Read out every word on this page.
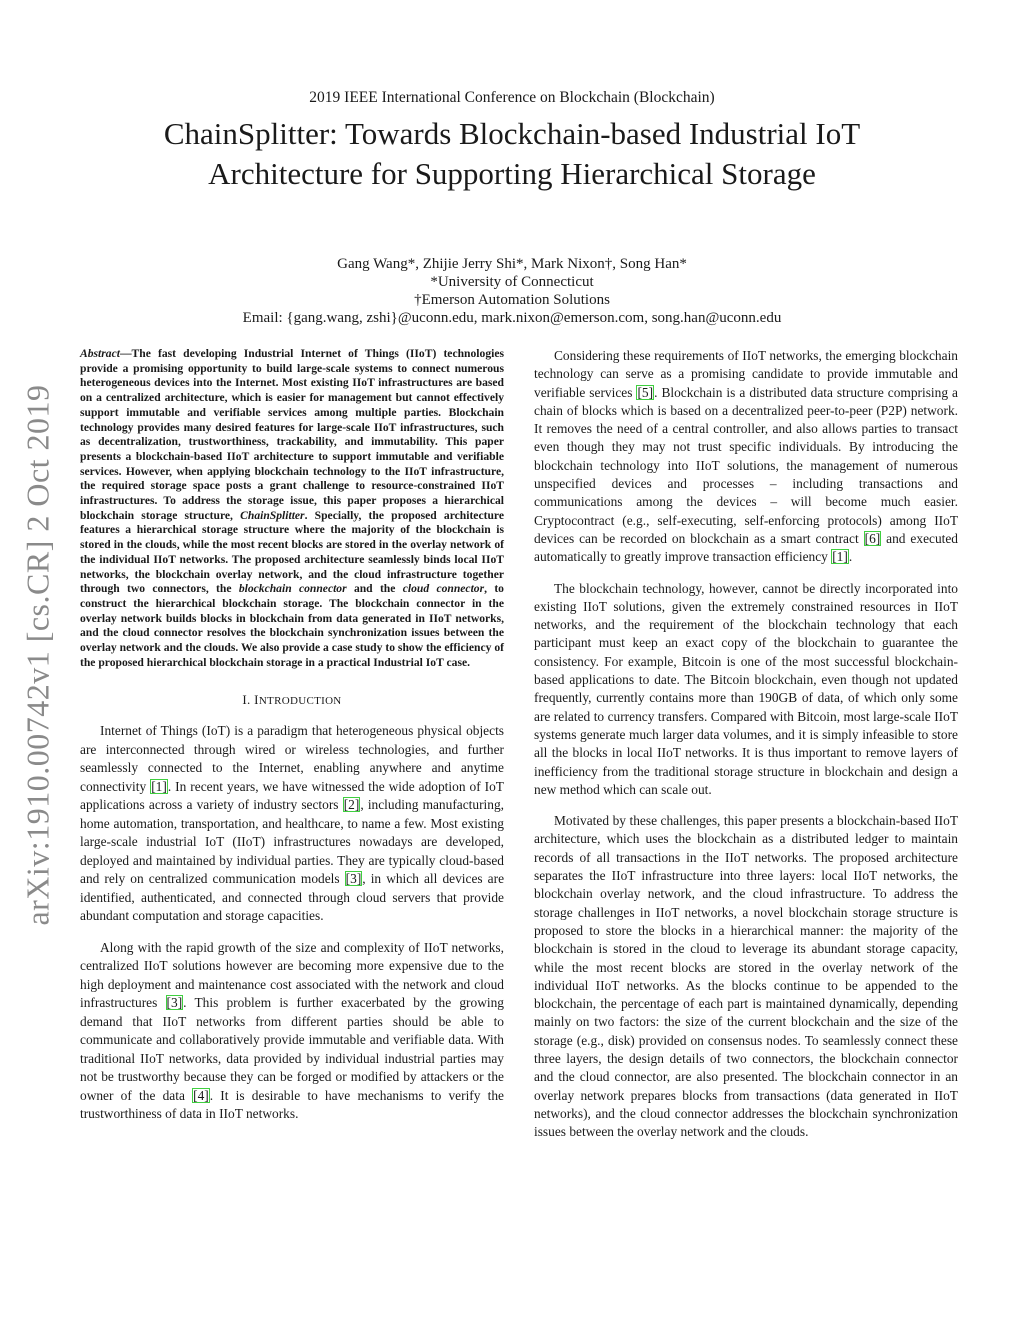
arXiv:1910.00742v1 [cs.CR] 2 Oct 2019
2019 IEEE International Conference on Blockchain (Blockchain)
ChainSplitter: Towards Blockchain-based Industrial IoT Architecture for Supporting Hierarchical Storage
Gang Wang*, Zhijie Jerry Shi*, Mark Nixon†, Song Han*
*University of Connecticut
†Emerson Automation Solutions
Email: {gang.wang, zshi}@uconn.edu, mark.nixon@emerson.com, song.han@uconn.edu

Abstract—The fast developing Industrial Internet of Things (IIoT) technologies provide a promising opportunity to build large-scale systems to connect numerous heterogeneous devices into the Internet. Most existing IIoT infrastructures are based on a centralized architecture, which is easier for management but cannot effectively support immutable and verifiable services among multiple parties. Blockchain technology provides many desired features for large-scale IIoT infrastructures, such as decentralization, trustworthiness, trackability, and immutability. This paper presents a blockchain-based IIoT architecture to support immutable and verifiable services. However, when applying blockchain technology to the IIoT infrastructure, the required storage space posts a grant challenge to resource-constrained IIoT infrastructures. To address the storage issue, this paper proposes a hierarchical blockchain storage structure, ChainSplitter. Specially, the proposed architecture features a hierarchical storage structure where the majority of the blockchain is stored in the clouds, while the most recent blocks are stored in the overlay network of the individual IIoT networks. The proposed architecture seamlessly binds local IIoT networks, the blockchain overlay network, and the cloud infrastructure together through two connectors, the blockchain connector and the cloud connector, to construct the hierarchical blockchain storage. The blockchain connector in the overlay network builds blocks in blockchain from data generated in IIoT networks, and the cloud connector resolves the blockchain synchronization issues between the overlay network and the clouds. We also provide a case study to show the efficiency of the proposed hierarchical blockchain storage in a practical Industrial IoT case.

I. INTRODUCTION

Internet of Things (IoT) is a paradigm that heterogeneous physical objects are interconnected through wired or wireless technologies, and further seamlessly connected to the Internet, enabling anywhere and anytime connectivity [1]. In recent years, we have witnessed the wide adoption of IoT applications across a variety of industry sectors [2], including manufacturing, home automation, transportation, and healthcare, to name a few. Most existing large-scale industrial IoT (IIoT) infrastructures nowadays are developed, deployed and maintained by individual parties. They are typically cloud-based and rely on centralized communication models [3], in which all devices are identified, authenticated, and connected through cloud servers that provide abundant computation and storage capacities.

Along with the rapid growth of the size and complexity of IIoT networks, centralized IIoT solutions however are becoming more expensive due to the high deployment and maintenance cost associated with the network and cloud infrastructures [3]. This problem is further exacerbated by the growing demand that IIoT networks from different parties should be able to communicate and collaboratively provide immutable and verifiable data. With traditional IIoT networks, data provided by individual industrial parties may not be trustworthy because they can be forged or modified by attackers or the owner of the data [4]. It is desirable to have mechanisms to verify the trustworthiness of data in IIoT networks.

Considering these requirements of IIoT networks, the emerging blockchain technology can serve as a promising candidate to provide immutable and verifiable services [5]. Blockchain is a distributed data structure comprising a chain of blocks which is based on a decentralized peer-to-peer (P2P) network. It removes the need of a central controller, and also allows parties to transact even though they may not trust specific individuals. By introducing the blockchain technology into IIoT solutions, the management of numerous unspecified devices and processes – including transactions and communications among the devices – will become much easier. Cryptocontract (e.g., self-executing, self-enforcing protocols) among IIoT devices can be recorded on blockchain as a smart contract [6] and executed automatically to greatly improve transaction efficiency [1].

The blockchain technology, however, cannot be directly incorporated into existing IIoT solutions, given the extremely constrained resources in IIoT networks, and the requirement of the blockchain technology that each participant must keep an exact copy of the blockchain to guarantee the consistency. For example, Bitcoin is one of the most successful blockchain-based applications to date. The Bitcoin blockchain, even though not updated frequently, currently contains more than 190GB of data, of which only some are related to currency transfers. Compared with Bitcoin, most large-scale IIoT systems generate much larger data volumes, and it is simply infeasible to store all the blocks in local IIoT networks. It is thus important to remove layers of inefficiency from the traditional storage structure in blockchain and design a new method which can scale out.

Motivated by these challenges, this paper presents a blockchain-based IIoT architecture, which uses the blockchain as a distributed ledger to maintain records of all transactions in the IIoT networks. The proposed architecture separates the IIoT infrastructure into three layers: local IIoT networks, the blockchain overlay network, and the cloud infrastructure. To address the storage challenges in IIoT networks, a novel blockchain storage structure is proposed to store the blocks in a hierarchical manner: the majority of the blockchain is stored in the cloud to leverage its abundant storage capacity, while the most recent blocks are stored in the overlay network of the individual IIoT networks. As the blocks continue to be appended to the blockchain, the percentage of each part is maintained dynamically, depending mainly on two factors: the size of the current blockchain and the size of the storage (e.g., disk) provided on consensus nodes. To seamlessly connect these three layers, the design details of two connectors, the blockchain connector and the cloud connector, are also presented. The blockchain connector in an overlay network prepares blocks from transactions (data generated in IIoT networks), and the cloud connector addresses the blockchain synchronization issues between the overlay network and the clouds.
